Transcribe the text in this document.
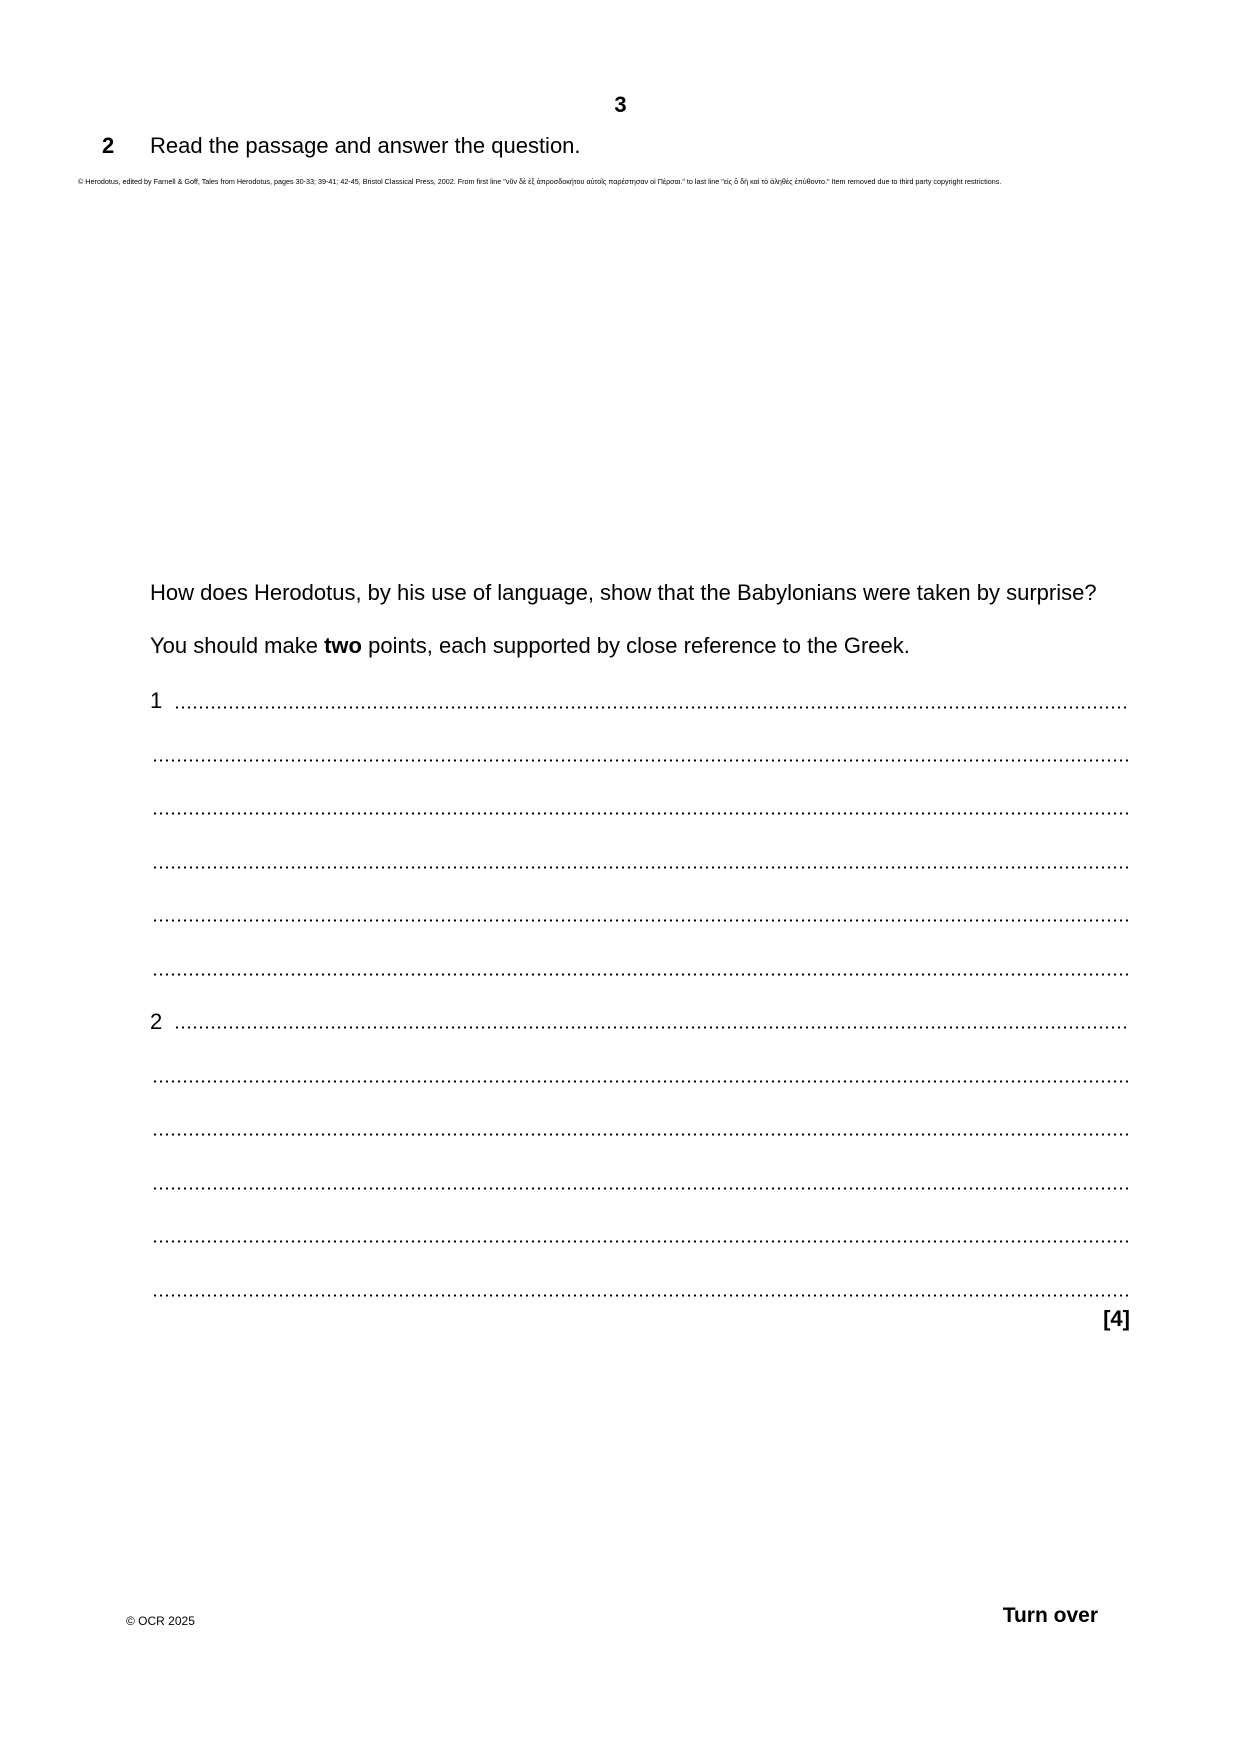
3
2 Read the passage and answer the question.
© Herodotus, edited by Farnell & Goff, Tales from Herodotus, pages 30-33; 39-41; 42-45, Bristol Classical Press, 2002. From first line "νῦν δὲ ἐξ ἀπροσδοκήτου αὐτοῖς παρέστησαν οἱ Πέρσαι." to last line "εἰς ὃ δὴ καὶ τὸ ἀληθὲς ἐπύθοντο." Item removed due to third party copyright restrictions.
How does Herodotus, by his use of language, show that the Babylonians were taken by surprise?
You should make two points, each supported by close reference to the Greek.
1
2
[4]
© OCR 2025	Turn over
